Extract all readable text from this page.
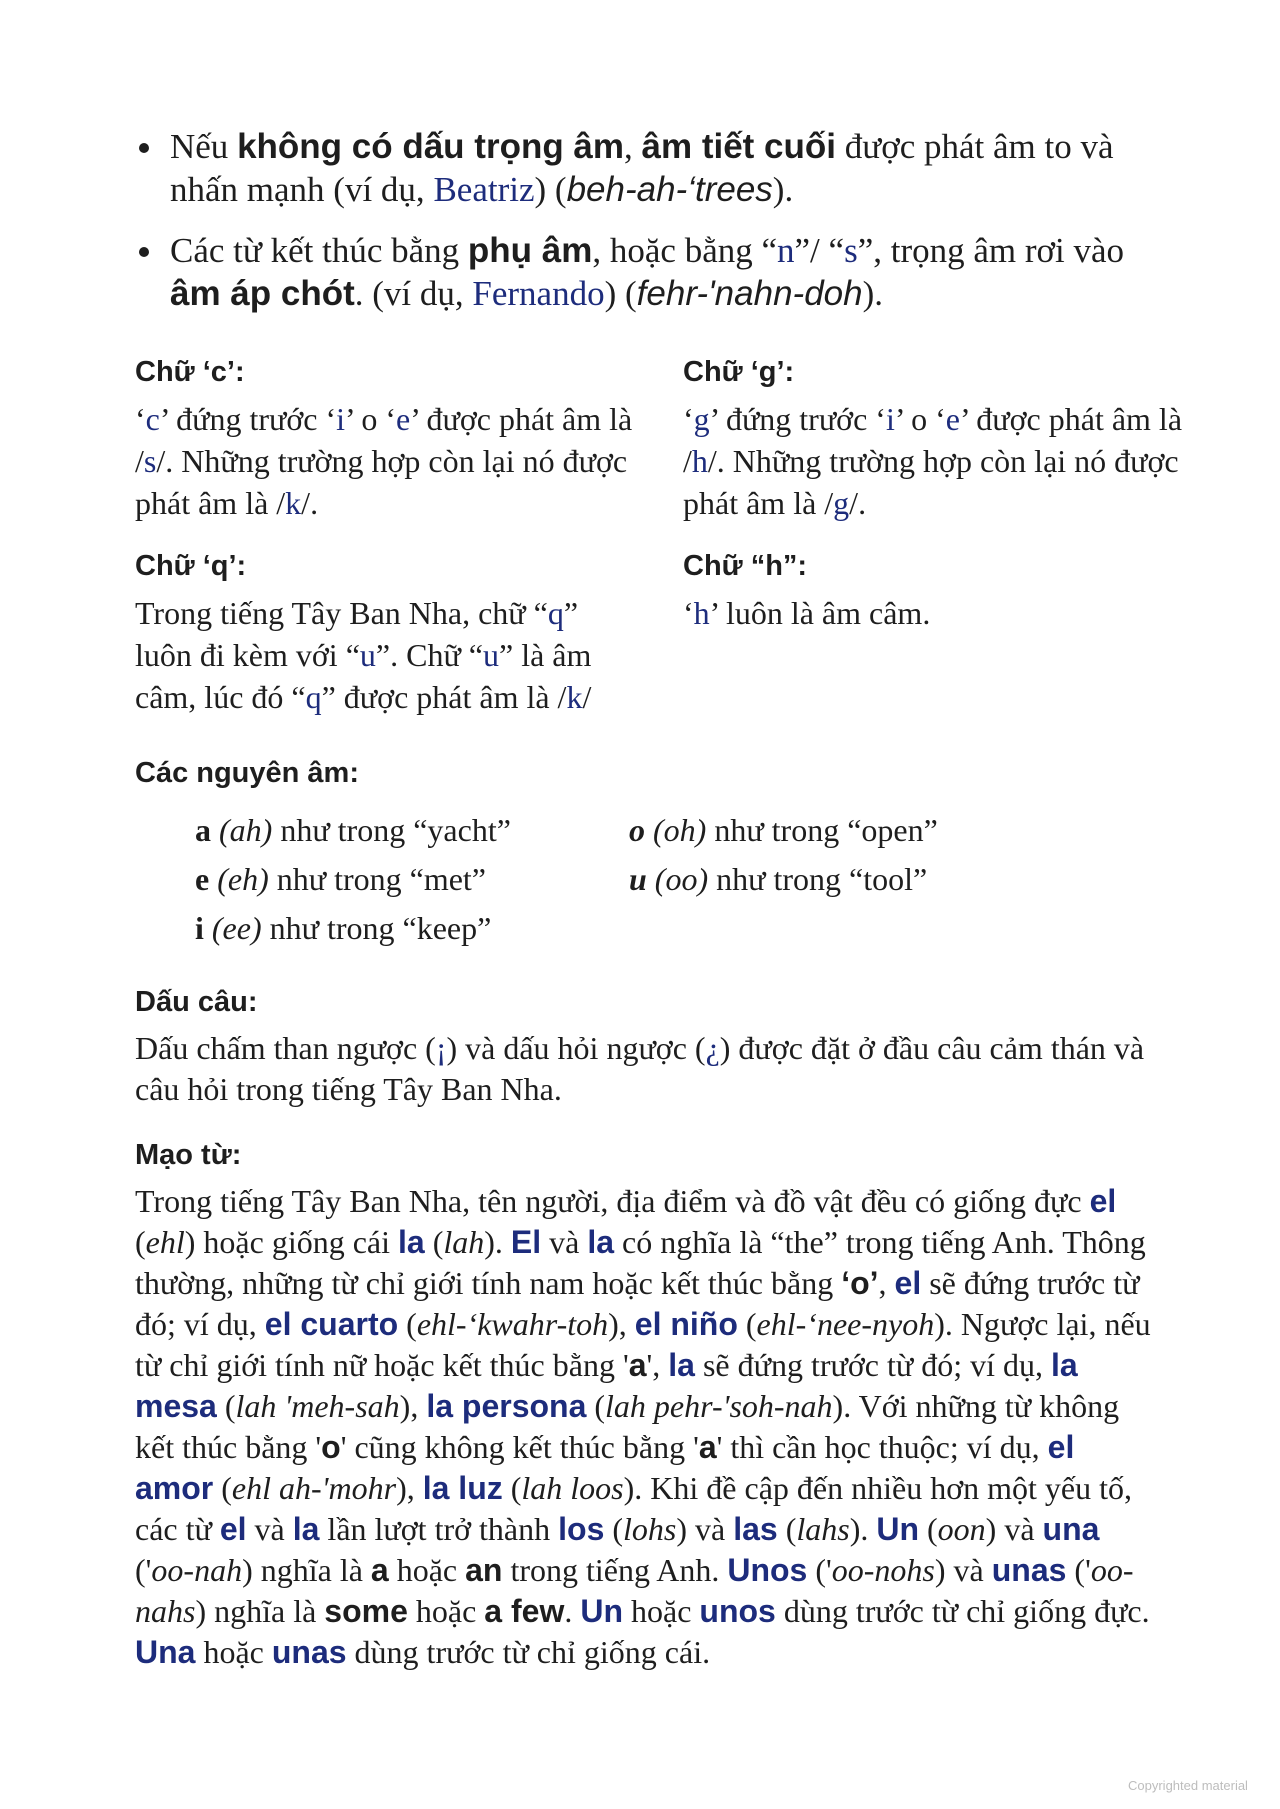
Nếu không có dấu trọng âm, âm tiết cuối được phát âm to và nhấn mạnh (ví dụ, Beatriz) (beh-ah-‘trees).
Các từ kết thúc bằng phụ âm, hoặc bằng “n”/ “s”, trọng âm rơi vào âm áp chót. (ví dụ, Fernando) (fehr-'nahn-doh).
Chữ ‘c’:
‘c’ đứng trước ‘i’ o ‘e’ được phát âm là /s/. Những trường hợp còn lại nó được phát âm là /k/.
Chữ ‘g’:
‘g’ đứng trước ‘i’ o ‘e’ được phát âm là /h/. Những trường hợp còn lại nó được phát âm là /g/.
Chữ ‘q’:
Trong tiếng Tây Ban Nha, chữ “q” luôn đi kèm với “u”. Chữ “u” là âm câm, lúc đó “q” được phát âm là /k/
Chữ “h”:
‘h’ luôn là âm câm.
Các nguyên âm:
a (ah) như trong “yacht”
e (eh) như trong “met”
i (ee) như trong “keep”
o (oh) như trong “open”
u (oo) như trong “tool”
Dấu câu:
Dấu chấm than ngược (¡) và dấu hỏi ngược (¿) được đặt ở đầu câu cảm thán và câu hỏi trong tiếng Tây Ban Nha.
Mạo từ:
Trong tiếng Tây Ban Nha, tên người, địa điểm và đồ vật đều có giống đực el (ehl) hoặc giống cái la (lah). El và la có nghĩa là “the” trong tiếng Anh. Thông thường, những từ chỉ giới tính nam hoặc kết thúc bằng ‘o’, el sẽ đứng trước từ đó; ví dụ, el cuarto (ehl-‘kwahr-toh), el niño (ehl-‘nee-nyoh). Ngược lại, nếu từ chỉ giới tính nữ hoặc kết thúc bằng 'a', la sẽ đứng trước từ đó; ví dụ, la mesa (lah 'meh-sah), la persona (lah pehr-'soh-nah). Với những từ không kết thúc bằng 'o' cũng không kết thúc bằng 'a' thì cần học thuộc; ví dụ, el amor (ehl ah-'mohr), la luz (lah loos). Khi đề cập đến nhiều hơn một yếu tố, các từ el và la lần lượt trở thành los (lohs) và las (lahs). Un (oon) và una ('oo-nah) nghĩa là a hoặc an trong tiếng Anh. Unos ('oo-nohs) và unas ('oo-nahs) nghĩa là some hoặc a few. Un hoặc unos dùng trước từ chỉ giống đực. Una hoặc unas dùng trước từ chỉ giống cái.
Copyrighted material
